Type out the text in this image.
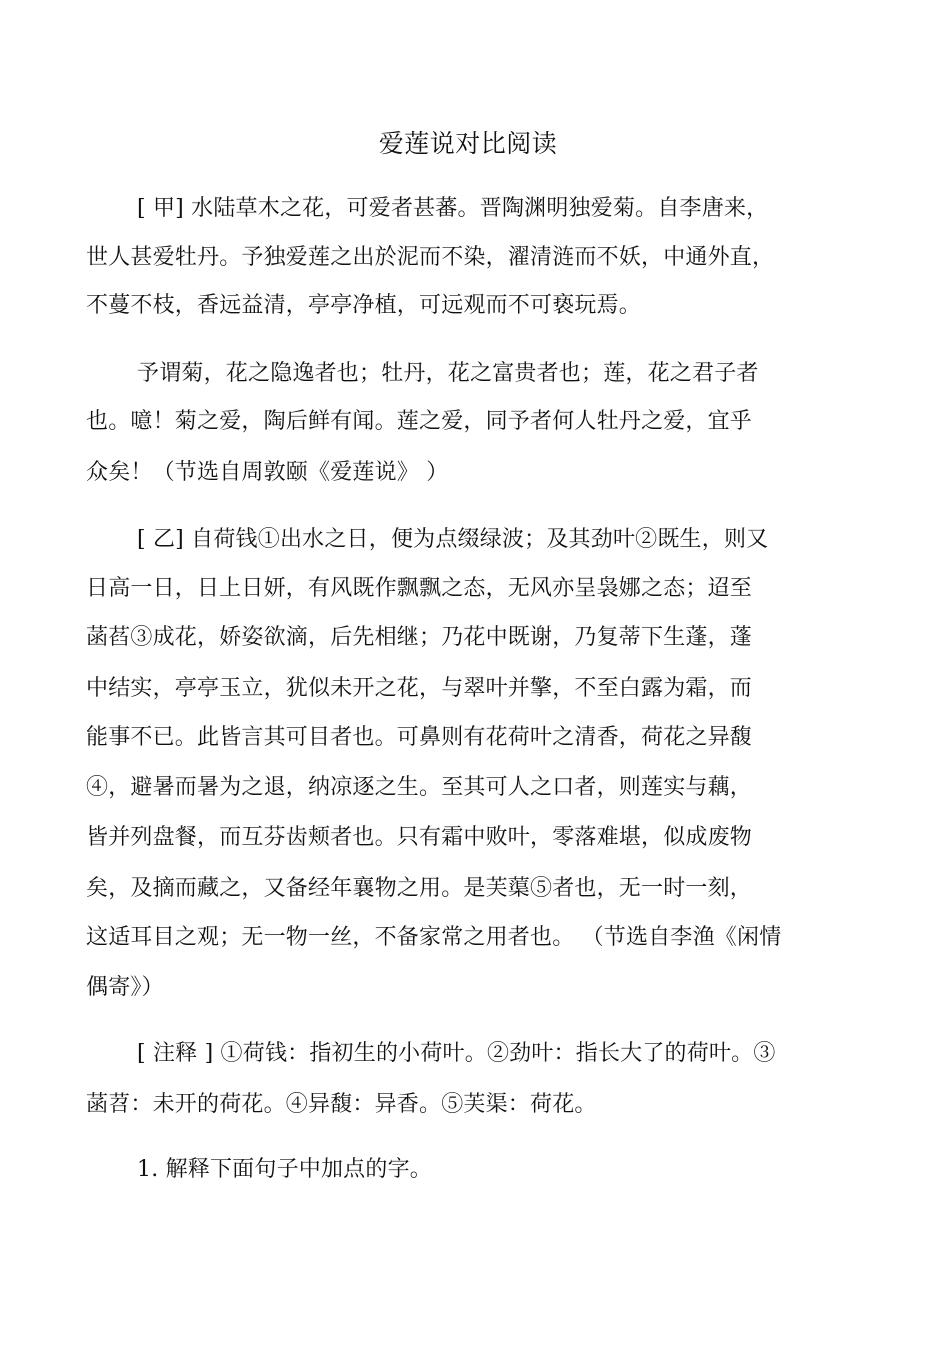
爱莲说对比阅读
[ 甲] 水陆草木之花，可爱者甚蕃。晋陶渊明独爱菊。自李唐来，
世人甚爱牡丹。予独爱莲之出於泥而不染，濯清涟而不妖，中通外直，
不蔓不枝，香远益清，亭亭净植，可远观而不可亵玩焉。
予谓菊，花之隐逸者也；牡丹，花之富贵者也；莲，花之君子者
也。噫！菊之爱，陶后鲜有闻。莲之爱，同予者何人牡丹之爱，宜乎
众矣！（节选自周敦颐《爱莲说》 ）
[ 乙] 自荷钱①出水之日，便为点缀绿波；及其劲叶②既生，则又
日高一日，日上日妍，有风既作飘飘之态，无风亦呈袅娜之态；迢至
菡萏③成花，娇姿欲滴，后先相继；乃花中既谢，乃复蒂下生蓬，蓬
中结实，亭亭玉立，犹似未开之花，与翠叶并擎，不至白露为霜，而
能事不已。此皆言其可目者也。可鼻则有花荷叶之清香，荷花之异馥
④，避暑而暑为之退，纳凉逐之生。至其可人之口者，则莲实与藕，
皆并列盘餐，而互芬齿颊者也。只有霜中败叶，零落难堪，似成废物
矣，及摘而藏之，又备经年襄物之用。是芙蕖⑤者也，无一时一刻，
这适耳目之观；无一物一丝，不备家常之用者也。 （节选自李渔《闲情
偶寄》）
[ 注释 ] ①荷钱：指初生的小荷叶。②劲叶：指长大了的荷叶。③
菡苕：未开的荷花。④异馥：异香。⑤芙渠：荷花。
1. 解释下面句子中加点的字。
